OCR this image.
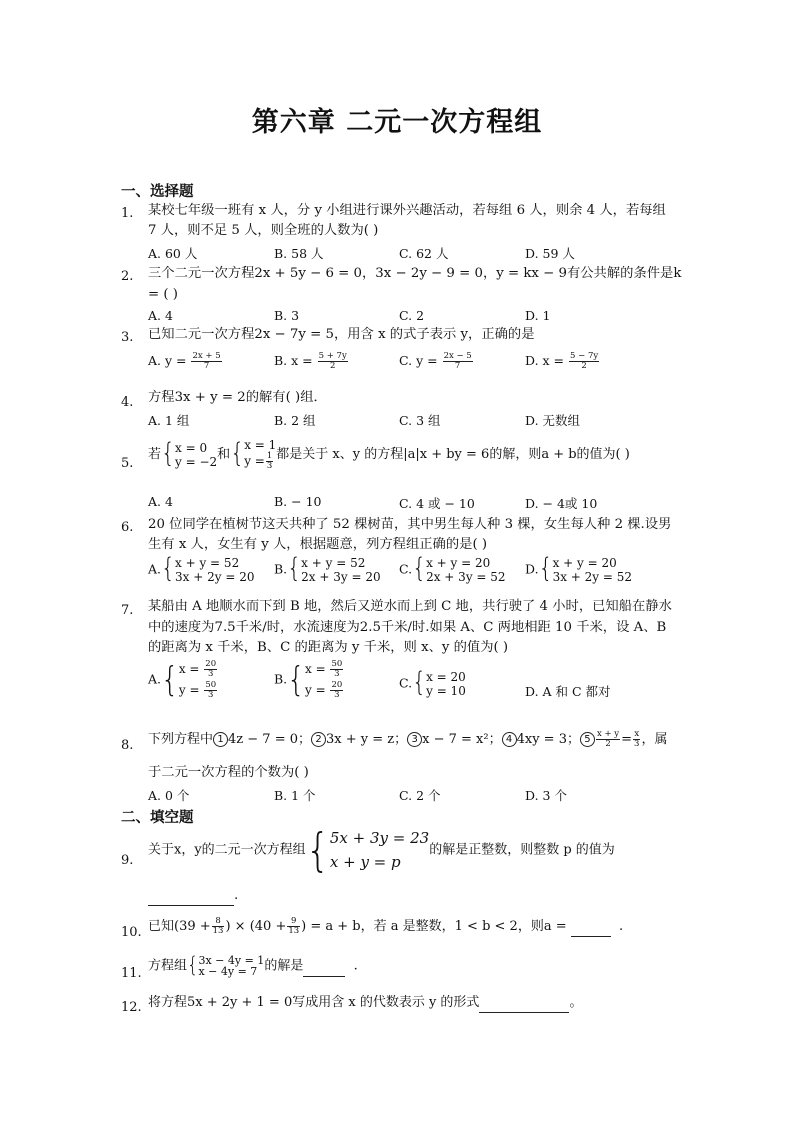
第六章 二元一次方程组
一、选择题
1. 某校七年级一班有 x 人，分 y 小组进行课外兴趣活动，若每组 6 人，则余 4 人，若每组
7 人，则不足 5 人，则全班的人数为( )
A. 60 人	B. 58 人	C. 62 人	D. 59 人
2. 三个二元一次方程2x + 5y − 6 = 0，3x − 2y − 9 = 0，y = kx − 9有公共解的条件是k
= ( )
A. 4	B. 3	C. 2	D. 1
3. 已知二元一次方程2x − 7y = 5，用含 x 的式子表示 y，正确的是
A. $y = \frac{2x + 5}{7}$	B. $x = \frac{5 + 7y}{2}$	C. $y = \frac{2x - 5}{7}$	D. $x = \frac{5 - 7y}{2}$
4. 方程3x + y = 2的解有( )组．
A. 1 组	B. 2 组	C. 3 组	D. 无数组
5.
若{ x = 0
y = −2 和{ x = 1
$y = \frac{1}{3}$ 都是关于 x、y 的方程|a|x + by = 6的解，则a + b的值为( )
A. 4	B. − 10	C. 4 或 − 10	D. − 4或 10
6. 20 位同学在植树节这天共种了 52 棵树苗，其中男生每人种 3 棵，女生每人种 2 棵.设男
生有 x 人，女生有 y 人，根据题意，列方程组正确的是( )
A.{ x + y = 52
3x + 2y = 20
B.{ x + y = 52
2x + 3y = 20
C.{ x + y = 20
2x + 3y = 52
D.{ x + y = 20
3x + 2y = 52
7. 某船由 A 地顺水而下到 B 地，然后又逆水而上到 C 地，共行驶了 4 小时，已知船在静水
中的速度为7.5千米/时，水流速度为2.5千米/时.如果 A、C 两地相距 10 千米，设 A、B
的距离为 x 千米，B、C 的距离为 y 千米，则 x、y 的值为( )
A.{ $x = \frac{20}{3}$
$y = \frac{50}{3}$
B.{ $x = \frac{50}{3}$
$y = \frac{20}{3}$	C.{ x = 20
y = 10	D. A 和 C 都对
8. 下列方程中 1 4z − 7 = 0； 2 3x + y = z； 3 x − 7 = x²； 4 4xy = 3； $5 \frac{x + y}{2} = \frac{x}{3}$ ，属
于二元一次方程的个数为( )
A. 0 个	B. 1 个	C. 2 个	D. 3 个
二、填空题
9.
关于x，y的二元一次方程组{ 5x + 3y = 23
x + y = p
的解是正整数，则整数 p 的值为
.
10. 已知($39 + \frac{8}{13}$ ) × ($40 + \frac{9}{13}$ ) = a + b，若 a 是整数，1 < b < 2，则a =	.
11. 方程组{ 3x − 4y = 1
x − 4y = 7 的解是	.
12. 将方程5x + 2y + 1 = 0写成用含 x 的代数表示 y 的形式	。
